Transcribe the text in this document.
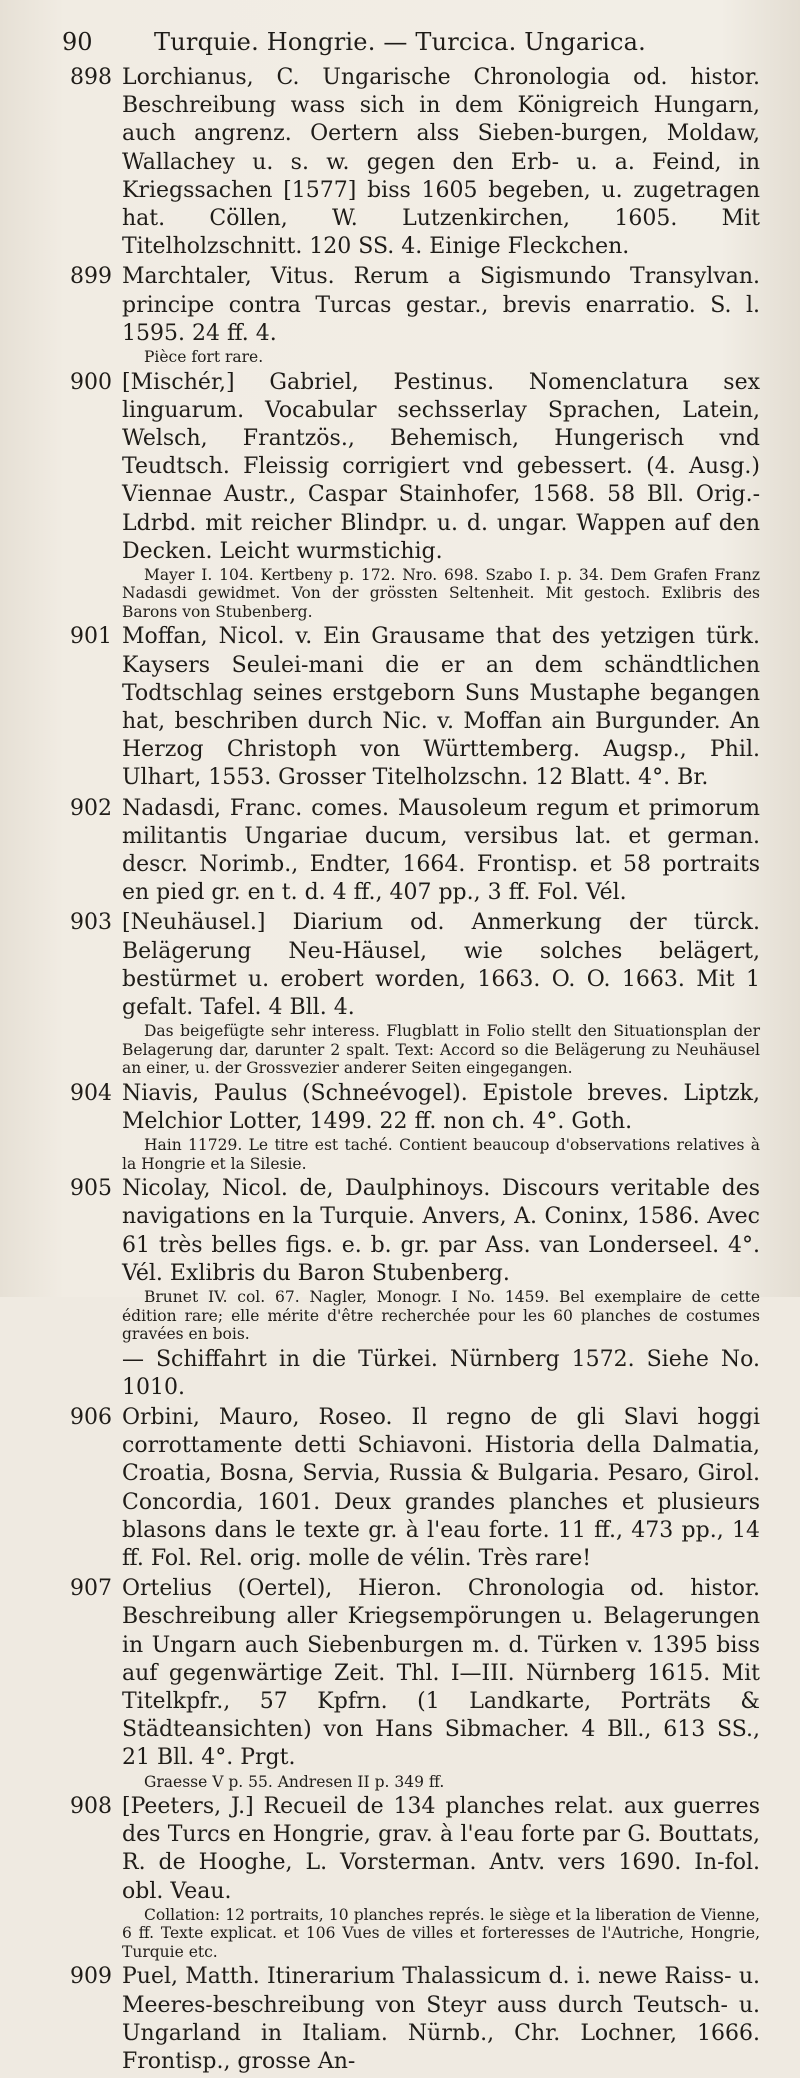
Turquie. Hongrie. — Turcica. Ungarica.
90
898 Lorchianus, C. Ungarische Chronologia od. histor. Beschreibung wass sich in dem Königreich Hungarn, auch angrenz. Oertern alss Sieben-burgen, Moldaw, Wallachey u. s. w. gegen den Erb- u. a. Feind, in Kriegssachen [1577] biss 1605 begeben, u. zugetragen hat. Cöllen, W. Lutzenkirchen, 1605. Mit Titelholzschnitt. 120 SS. 4. Einige Fleckchen.
899 Marchtaler, Vitus. Rerum a Sigismundo Transylvan. principe contra Turcas gestar., brevis enarratio. S. l. 1595. 24 ff. 4.
Pièce fort rare.
900 [Mischér,] Gabriel, Pestinus. Nomenclatura sex linguarum. Vocabular sechsserlay Sprachen, Latein, Welsch, Frantzös., Behemisch, Hungerisch vnd Teudtsch. Fleissig corrigiert vnd gebessert. (4. Ausg.) Viennae Austr., Caspar Stainhofer, 1568. 58 Bll. Orig.-Ldrbd. mit reicher Blindpr. u. d. ungar. Wappen auf den Decken. Leicht wurmstichig.
Mayer I. 104. Kertbeny p. 172. Nro. 698. Szabo I. p. 34. Dem Grafen Franz Nadasdi gewidmet. Von der grössten Seltenheit. Mit gestoch. Exlibris des Barons von Stubenberg.
901 Moffan, Nicol. v. Ein Grausame that des yetzigen türk. Kaysers Seulei-mani die er an dem schändtlichen Todtschlag seines erstgeborn Suns Mustaphe begangen hat, beschriben durch Nic. v. Moffan ain Burgunder. An Herzog Christoph von Württemberg. Augsp., Phil. Ulhart, 1553. Grosser Titelholzschn. 12 Blatt. 4°. Br.
902 Nadasdi, Franc. comes. Mausoleum regum et primorum militantis Ungariae ducum, versibus lat. et german. descr. Norimb., Endter, 1664. Frontisp. et 58 portraits en pied gr. en t. d. 4 ff., 407 pp., 3 ff. Fol. Vél.
903 [Neuhäusel.] Diarium od. Anmerkung der türck. Belägerung Neu-Häusel, wie solches belägert, bestürmet u. erobert worden, 1663. O. O. 1663. Mit 1 gefalt. Tafel. 4 Bll. 4.
Das beigefügte sehr interess. Flugblatt in Folio stellt den Situationsplan der Belagerung dar, darunter 2 spalt. Text: Accord so die Belägerung zu Neuhäusel an einer, u. der Grossvezier anderer Seiten eingegangen.
904 Niavis, Paulus (Schneévogel). Epistole breves. Liptzk, Melchior Lotter, 1499. 22 ff. non ch. 4°. Goth.
Hain 11729. Le titre est taché. Contient beaucoup d'observations relatives à la Hongrie et la Silesie.
905 Nicolay, Nicol. de, Daulphinoys. Discours veritable des navigations en la Turquie. Anvers, A. Coninx, 1586. Avec 61 très belles figs. e. b. gr. par Ass. van Londerseel. 4°. Vél. Exlibris du Baron Stubenberg.
Brunet IV. col. 67. Nagler, Monogr. I No. 1459. Bel exemplaire de cette édition rare; elle mérite d'être recherchée pour les 60 planches de costumes gravées en bois.
— Schiffahrt in die Türkei. Nürnberg 1572. Siehe No. 1010.
906 Orbini, Mauro, Roseo. Il regno de gli Slavi hoggi corrottamente detti Schiavoni. Historia della Dalmatia, Croatia, Bosna, Servia, Russia & Bulgaria. Pesaro, Girol. Concordia, 1601. Deux grandes planches et plusieurs blasons dans le texte gr. à l'eau forte. 11 ff., 473 pp., 14 ff. Fol. Rel. orig. molle de vélin. Très rare!
907 Ortelius (Oertel), Hieron. Chronologia od. histor. Beschreibung aller Kriegsempörungen u. Belagerungen in Ungarn auch Siebenburgen m. d. Türken v. 1395 biss auf gegenwärtige Zeit. Thl. I—III. Nürnberg 1615. Mit Titelkpfr., 57 Kpfrn. (1 Landkarte, Porträts & Städteansichten) von Hans Sibmacher. 4 Bll., 613 SS., 21 Bll. 4°. Prgt.
Graesse V p. 55. Andresen II p. 349 ff.
908 [Peeters, J.] Recueil de 134 planches relat. aux guerres des Turcs en Hongrie, grav. à l'eau forte par G. Bouttats, R. de Hooghe, L. Vorsterman. Antv. vers 1690. In-fol. obl. Veau.
Collation: 12 portraits, 10 planches représ. le siège et la liberation de Vienne, 6 ff. Texte explicat. et 106 Vues de villes et forteresses de l'Autriche, Hongrie, Turquie etc.
909 Puel, Matth. Itinerarium Thalassicum d. i. newe Raiss- u. Meeres-beschreibung von Steyr auss durch Teutsch- u. Ungarland in Italiam. Nürnb., Chr. Lochner, 1666. Frontisp., grosse An-
